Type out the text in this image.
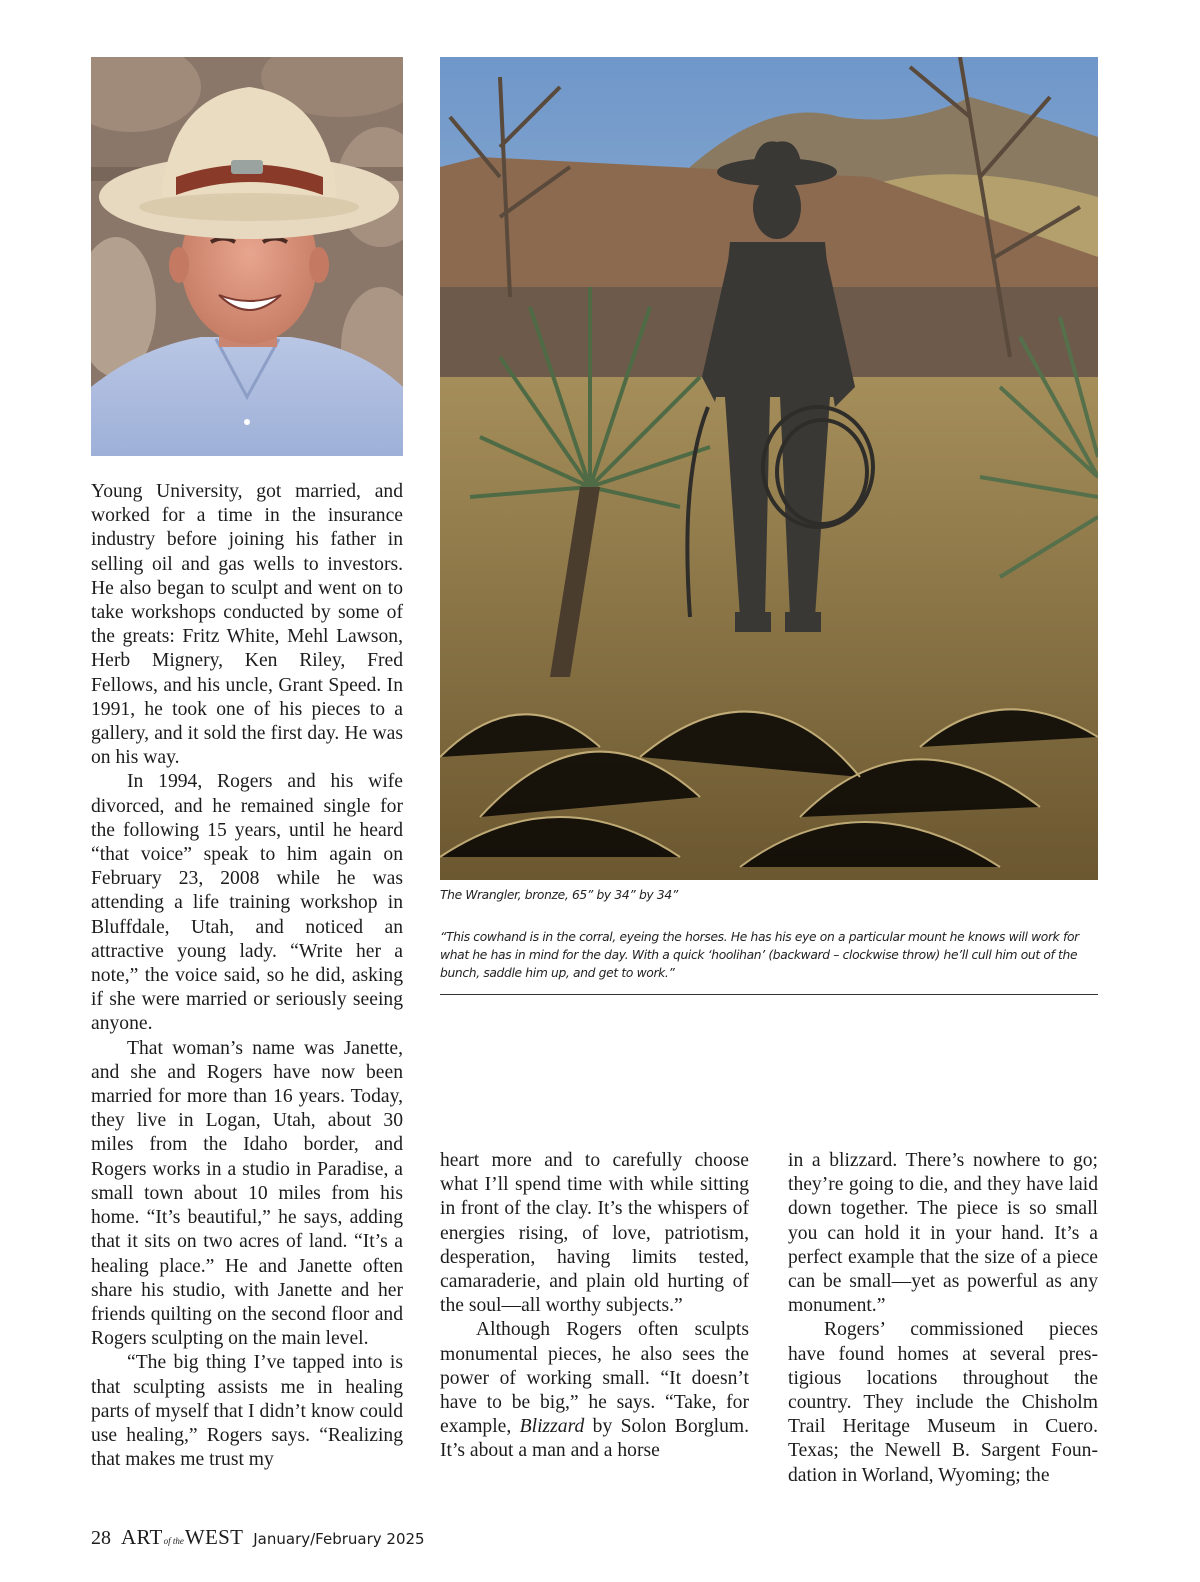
The Wrangler, bronze, 65” by 34” by 34”
“This cowhand is in the corral, eyeing the horses. He has his eye on a particular mount he knows will work for what he has in mind for the day. With a quick ‘hoolihan’ (backward – clockwise throw) he’ll cull him out of the bunch, saddle him up, and get to work.”

Young University, got married, and worked for a time in the insurance industry before joining his father in selling oil and gas wells to investors. He also began to sculpt and went on to take workshops conducted by some of the greats: Fritz White, Mehl Lawson, Herb Mignery, Ken Riley, Fred Fellows, and his uncle, Grant Speed. In 1991, he took one of his pieces to a gallery, and it sold the first day. He was on his way.

In 1994, Rogers and his wife divorced, and he remained single for the following 15 years, until he heard “that voice” speak to him again on February 23, 2008 while he was attending a life training workshop in Bluffdale, Utah, and noticed an attractive young lady. “Write her a note,” the voice said, so he did, asking if she were married or seriously seeing anyone.

That woman’s name was Janette, and she and Rogers have now been married for more than 16 years. Today, they live in Logan, Utah, about 30 miles from the Idaho border, and Rogers works in a studio in Paradise, a small town about 10 miles from his home. “It’s beautiful,” he says, adding that it sits on two acres of land. “It’s a healing place.” He and Janette often share his studio, with Janette and her friends quilting on the second floor and Rogers sculpting on the main level.

“The big thing I’ve tapped into is that sculpting assists me in healing parts of myself that I didn’t know could use healing,” Rogers says. “Realizing that makes me trust my

heart more and to carefully choose what I’ll spend time with while sitting in front of the clay. It’s the whispers of energies rising, of love, patriotism, desperation, having limits tested, camaraderie, and plain old hurting of the soul—all worthy subjects.”

Although Rogers often sculpts monumental pieces, he also sees the power of working small. “It doesn’t have to be big,” he says. “Take, for example, Blizzard by Solon Borglum. It’s about a man and a horse

in a blizzard. There’s nowhere to go; they’re going to die, and they have laid down together. The piece is so small you can hold it in your hand. It’s a perfect example that the size of a piece can be small—yet as powerful as any monument.”

Rogers’ commissioned pieces have found homes at several prestigious locations throughout the country. They include the Chisholm Trail Heritage Museum in Cuero. Texas; the Newell B. Sargent Foundation in Worland, Wyoming; the

28 ARTof theWEST January/February 2025
